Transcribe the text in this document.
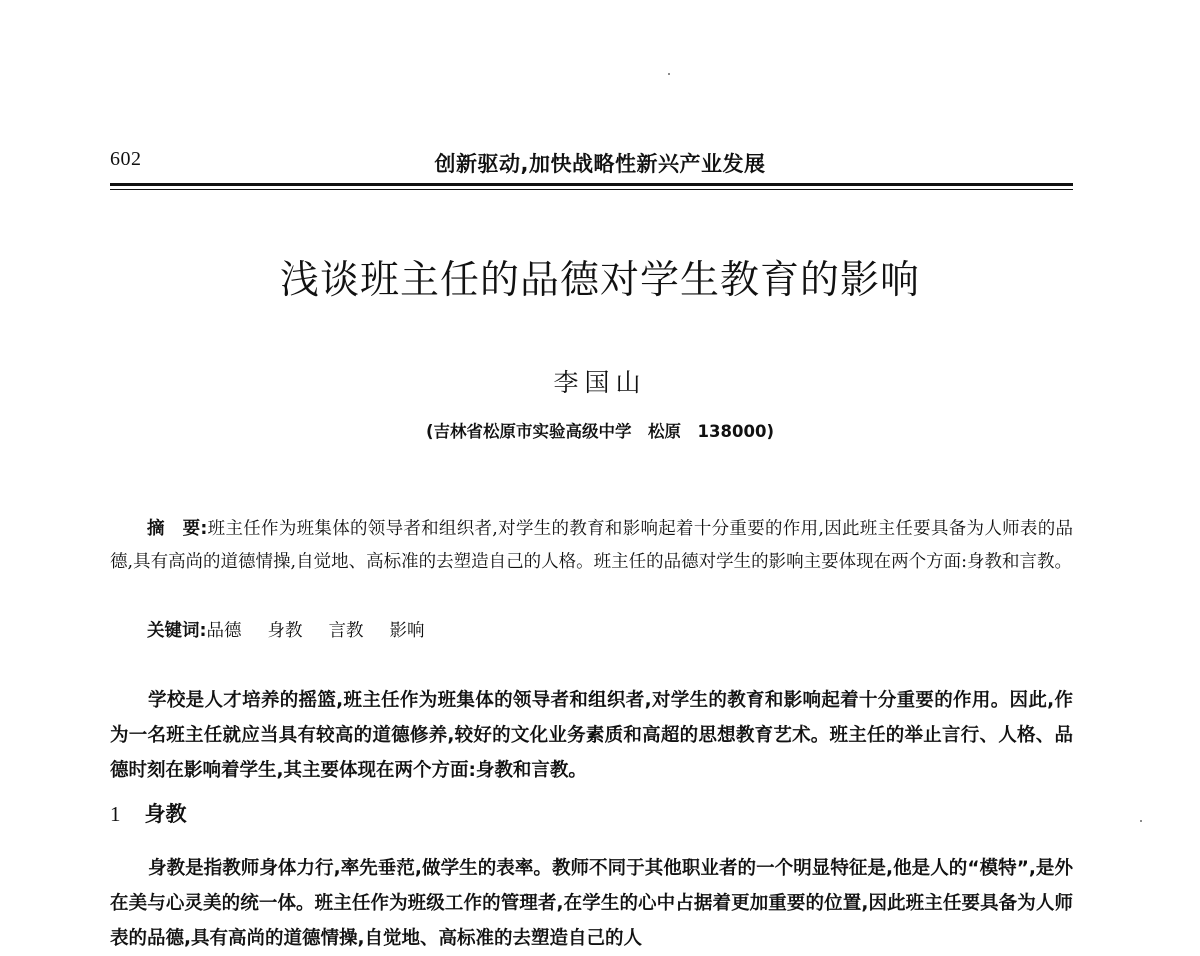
602	创新驱动,加快战略性新兴产业发展
浅谈班主任的品德对学生教育的影响
李国山
(吉林省松原市实验高级中学　松原　138000)
摘　要:班主任作为班集体的领导者和组织者,对学生的教育和影响起着十分重要的作用,因此班主任要具备为人师表的品德,具有高尚的道德情操,自觉地、高标准的去塑造自己的人格。班主任的品德对学生的影响主要体现在两个方面:身教和言教。
关键词:品德 身教 言教 影响
学校是人才培养的摇篮,班主任作为班集体的领导者和组织者,对学生的教育和影响起着十分重要的作用。因此,作为一名班主任就应当具有较高的道德修养,较好的文化业务素质和高超的思想教育艺术。班主任的举止言行、人格、品德时刻在影响着学生,其主要体现在两个方面:身教和言教。
1 身教
身教是指教师身体力行,率先垂范,做学生的表率。教师不同于其他职业者的一个明显特征是,他是人的“模特”,是外在美与心灵美的统一体。班主任作为班级工作的管理者,在学生的心中占据着更加重要的位置,因此班主任要具备为人师表的品德,具有高尚的道德情操,自觉地、高标准的去塑造自己的人
